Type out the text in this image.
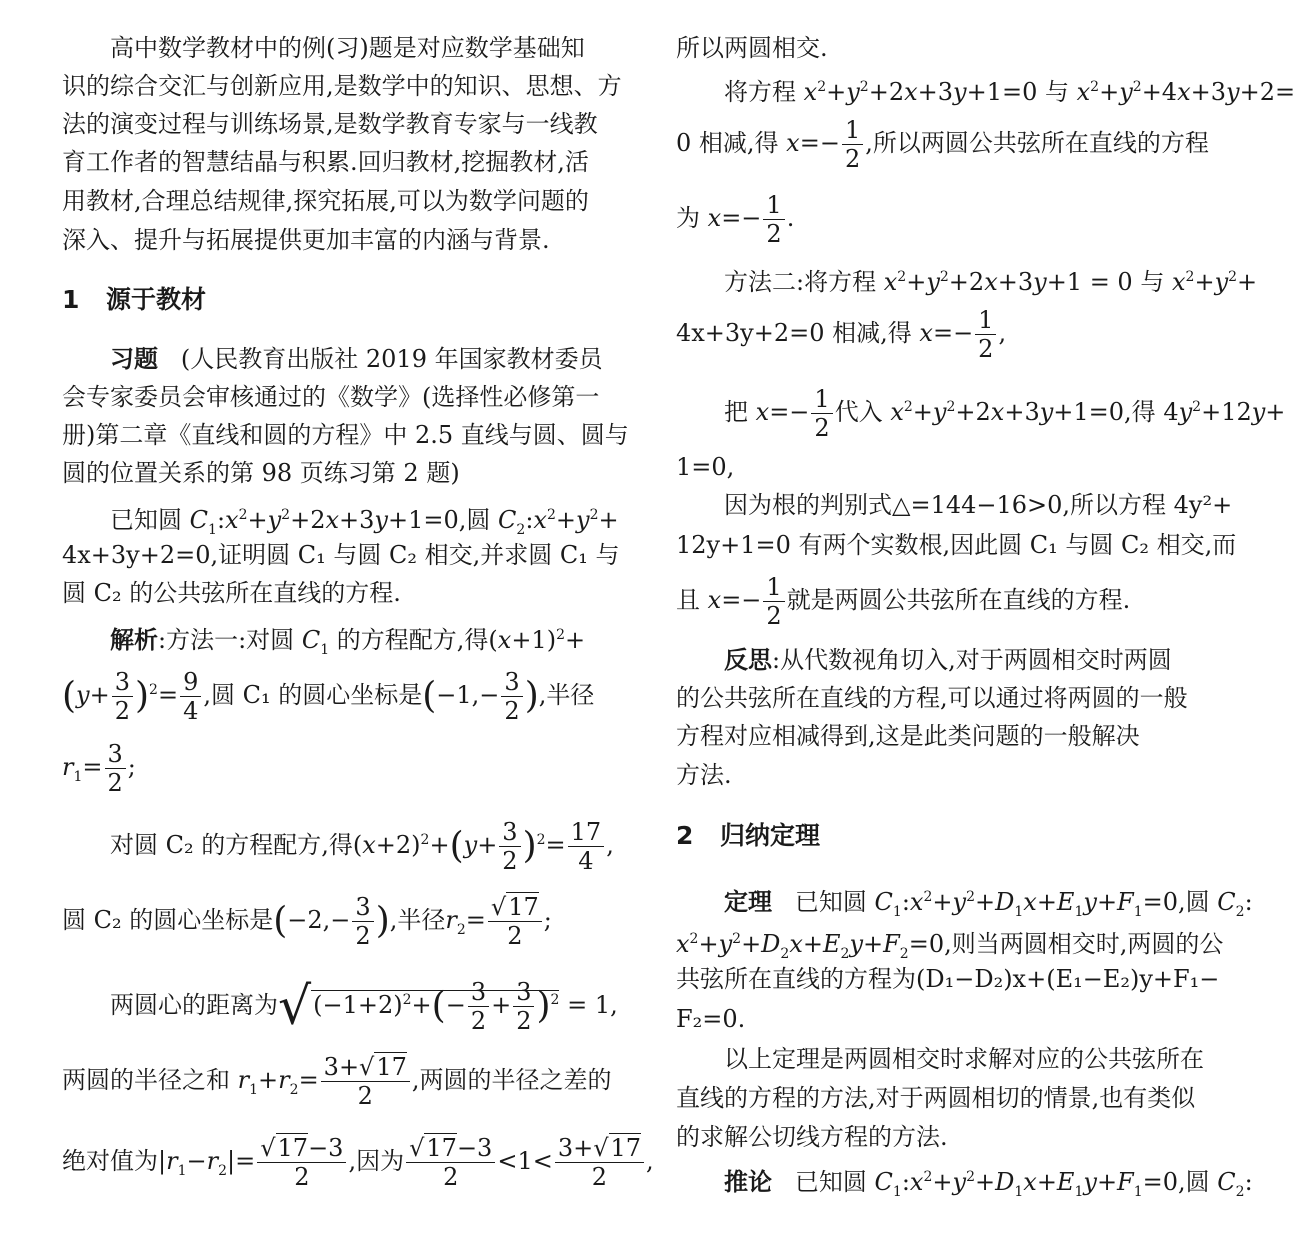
高中数学教材中的例(习)题是对应数学基础知
识的综合交汇与创新应用,是数学中的知识、思想、方
法的演变过程与训练场景,是数学教育专家与一线教
育工作者的智慧结晶与积累.回归教材,挖掘教材,活
用教材,合理总结规律,探究拓展,可以为数学问题的
深入、提升与拓展提供更加丰富的内涵与背景.
1 源于教材
习题 (人民教育出版社 2019 年国家教材委员
会专家委员会审核通过的《数学》(选择性必修第一
册)第二章《直线和圆的方程》中 2.5 直线与圆、圆与
圆的位置关系的第 98 页练习第 2 题)
已知圆 $C_1:x^2+y^2+2x+3y+1=0$,圆 $C_2:x^2+y^2+$
4x+3y+2=0,证明圆 C₁ 与圆 C₂ 相交,并求圆 C₁ 与
圆 C₂ 的公共弦所在直线的方程.
解析:方法一:对圆 $C_1$ 的方程配方,得$(x+1)^2+$
$(y+ \frac{3}{2} )^2= \frac{9}{4}$ ,圆 C₁ 的圆心坐标是($-1,- \frac{3}{2}$ ),半径
$r_1= \frac{3}{2}$ ;
对圆 C₂ 的方程配方,得$(x+2)^2+(y+ \frac{3}{2} )^2= \frac{17}{4}$ ,
圆 C₂ 的圆心坐标是($-2,- \frac{3}{2}$ ),半径$r_2= \frac{√17}{2}$ ;
两圆心的距离为$√(-1+2)^2+(- \frac{3}{2} + \frac{3}{2} )^2 = 1$,
两圆的半径之和 $r_1+r_2= \frac{3+√17}{2}$ ,两圆的半径之差的
绝对值为$|r_1-r_2|= \frac{√17-3}{2}$ ,因为 $\frac{√17-3}{2} <1< \frac{3+√17}{2}$ ,
所以两圆相交.
将方程 $x^2+y^2+2x+3y+1=0$ 与 $x^2+y^2+4x+3y+2=$
0 相减,得 $x=- \frac{1}{2}$ ,所以两圆公共弦所在直线的方程
为 $x=- \frac{1}{2}$ .
方法二:将方程 $x^2+y^2+2x+3y+1 = 0$ 与 $x^2+y^2+$
4x+3y+2=0 相减,得 $x=- \frac{1}{2}$ ,
把 $x=- \frac{1}{2}$ 代入 $x^2+y^2+2x+3y+1=0$,得 $4y^2+12y+$
1=0,
因为根的判别式△=144−16>0,所以方程 4y²+
12y+1=0 有两个实数根,因此圆 C₁ 与圆 C₂ 相交,而
且 $x=- \frac{1}{2}$ 就是两圆公共弦所在直线的方程.
反思:从代数视角切入,对于两圆相交时两圆
的公共弦所在直线的方程,可以通过将两圆的一般
方程对应相减得到,这是此类问题的一般解决
方法.
2 归纳定理
定理 已知圆 $C_1:x^2+y^2+D_1x+E_1y+F_1=0$,圆 $C_2$:
$x^2+y^2+D_2x+E_2y+F_2=0$,则当两圆相交时,两圆的公
共弦所在直线的方程为(D₁−D₂)x+(E₁−E₂)y+F₁−
F₂=0.
以上定理是两圆相交时求解对应的公共弦所在
直线的方程的方法,对于两圆相切的情景,也有类似
的求解公切线方程的方法.
推论 已知圆 $C_1:x^2+y^2+D_1x+E_1y+F_1=0$,圆 $C_2$:
